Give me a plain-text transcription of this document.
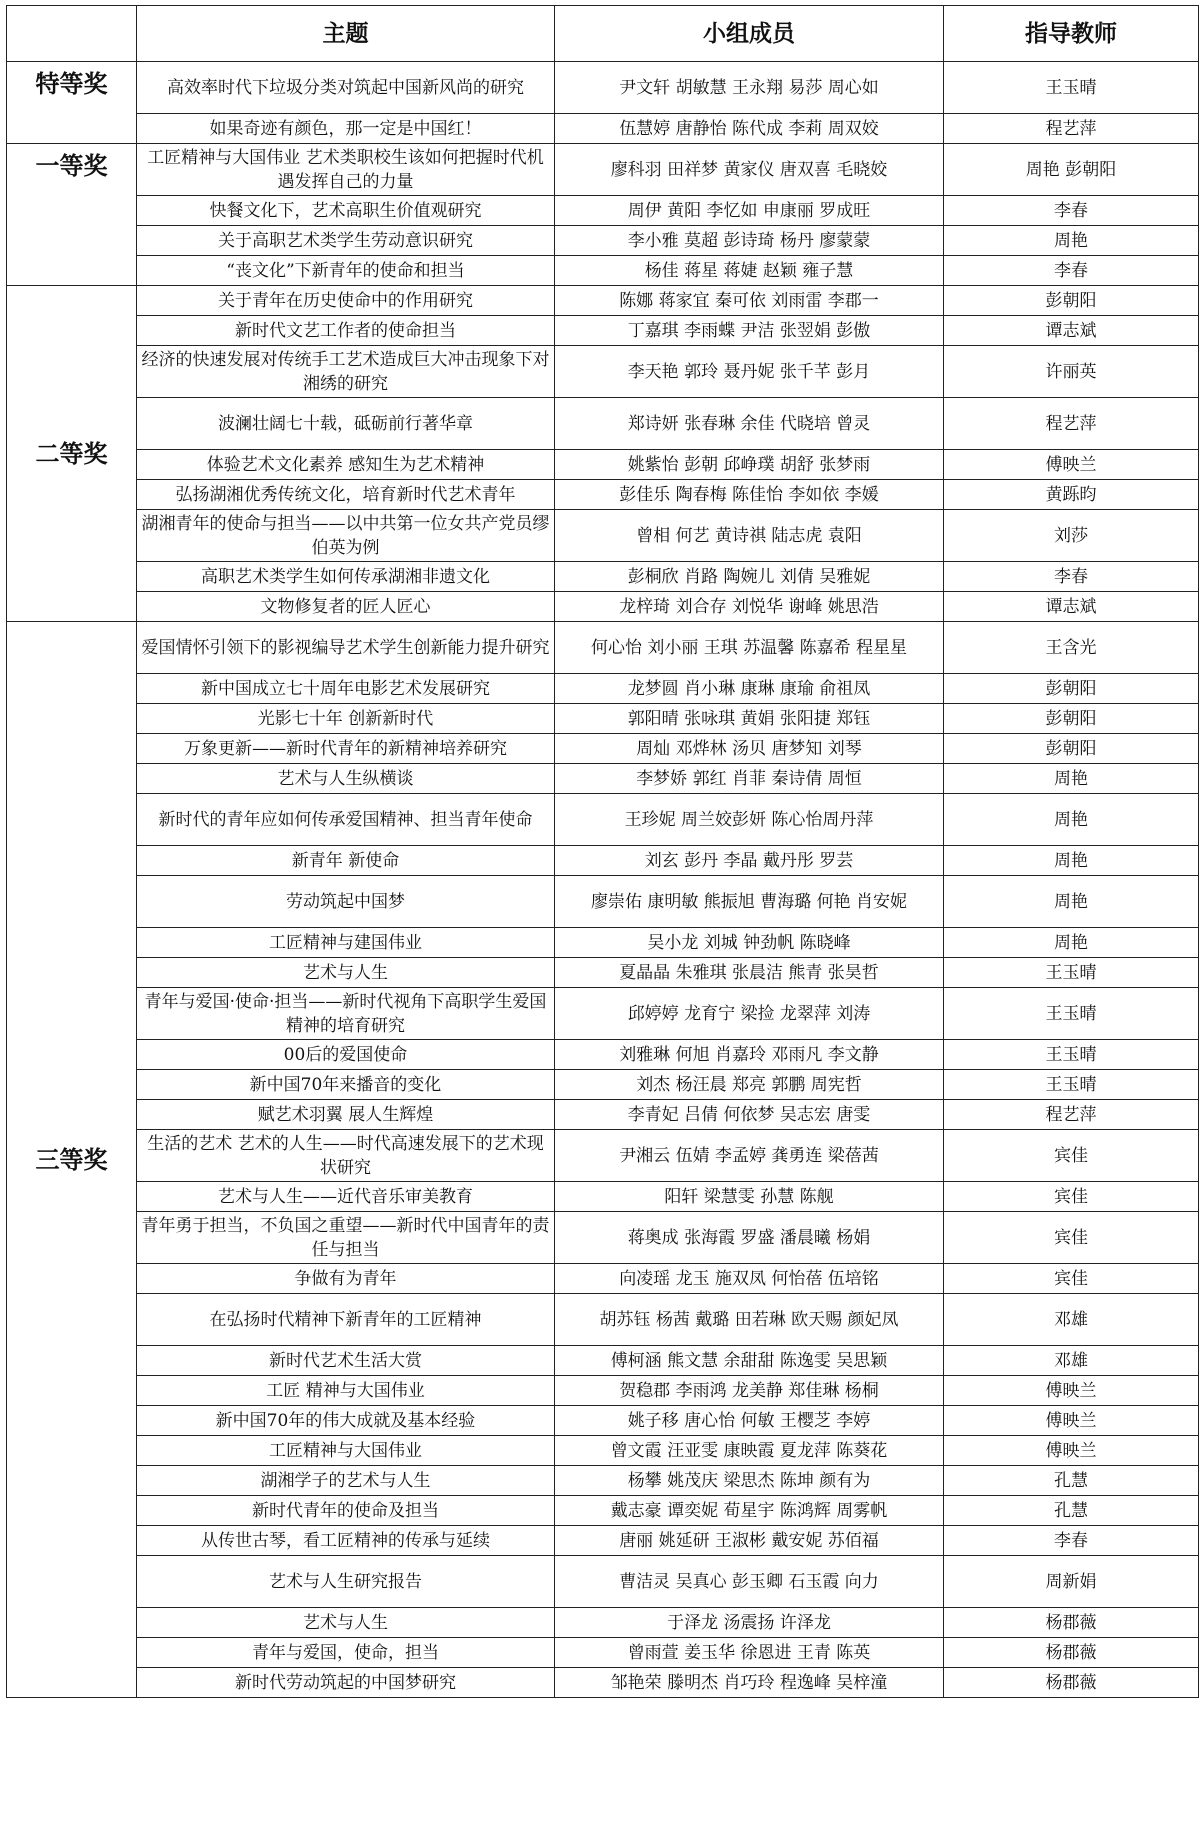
	主题	小组成员	指导教师
特等奖	高效率时代下垃圾分类对筑起中国新风尚的研究	尹文轩 胡敏慧 王永翔 易莎 周心如	王玉晴
	如果奇迹有颜色，那一定是中国红！	伍慧婷 唐静怡 陈代成 李莉 周双姣	程艺萍
一等奖	工匠精神与大国伟业 艺术类职校生该如何把握时代机遇发挥自己的力量	廖科羽 田祥梦 黄家仪 唐双喜 毛晓姣	周艳 彭朝阳
	快餐文化下，艺术高职生价值观研究	周伊 黄阳 李忆如 申康丽 罗成旺	李春
	关于高职艺术类学生劳动意识研究	李小雅 莫超 彭诗琦 杨丹 廖蒙蒙	周艳
	“丧文化”下新青年的使命和担当	杨佳 蒋星 蒋婕 赵颖 雍子慧	李春
二等奖	关于青年在历史使命中的作用研究	陈娜 蒋家宜 秦可依 刘雨雷 李郡一	彭朝阳
	新时代文艺工作者的使命担当	丁嘉琪 李雨蝶 尹洁 张翌娟 彭傲	谭志斌
	经济的快速发展对传统手工艺术造成巨大冲击现象下对湘绣的研究	李天艳 郭玲 聂丹妮 张千芊 彭月	许丽英
	波澜壮阔七十载，砥砺前行著华章	郑诗妍 张春琳 余佳 代晓培 曾灵	程艺萍
	体验艺术文化素养 感知生为艺术精神	姚紫怡 彭朝 邱峥璞 胡舒 张梦雨	傅映兰
	弘扬湖湘优秀传统文化，培育新时代艺术青年	彭佳乐 陶春梅 陈佳怡 李如依 李媛	黄跞昀
	湖湘青年的使命与担当——以中共第一位女共产党员缪伯英为例	曾相 何艺 黄诗祺 陆志虎 袁阳	刘莎
	高职艺术类学生如何传承湖湘非遗文化	彭桐欣 肖路 陶婉儿 刘倩 吴雅妮	李春
	文物修复者的匠人匠心	龙梓琦 刘合存 刘悦华 谢峰 姚思浩	谭志斌
三等奖	爱国情怀引领下的影视编导艺术学生创新能力提升研究	何心怡 刘小丽 王琪 苏温馨 陈嘉希 程星星	王含光
	新中国成立七十周年电影艺术发展研究	龙梦圆 肖小琳 康琳 康瑜 俞祖凤	彭朝阳
	光影七十年 创新新时代	郭阳晴 张咏琪 黄娟 张阳捷 郑钰	彭朝阳
	万象更新——新时代青年的新精神培养研究	周灿 邓烨林 汤贝 唐梦知 刘琴	彭朝阳
	艺术与人生纵横谈	李梦娇 郭红 肖菲 秦诗倩 周恒	周艳
	新时代的青年应如何传承爱国精神、担当青年使命	王珍妮 周兰姣彭妍 陈心怡周丹萍	周艳
	新青年 新使命	刘玄 彭丹 李晶 戴丹彤 罗芸	周艳
	劳动筑起中国梦	廖崇佑 康明敏 熊振旭 曹海璐 何艳 肖安妮	周艳
	工匠精神与建国伟业	吴小龙 刘城 钟劲帆 陈晓峰	周艳
	艺术与人生	夏晶晶 朱雅琪 张晨洁 熊青 张昊哲	王玉晴
	青年与爱国·使命·担当——新时代视角下高职学生爱国精神的培育研究	邱婷婷 龙育宁 梁捡 龙翠萍 刘涛	王玉晴
	00后的爱国使命	刘雅琳 何旭 肖嘉玲 邓雨凡 李文静	王玉晴
	新中国70年来播音的变化	刘杰 杨汪晨 郑亮 郭鹏 周宪哲	王玉晴
	赋艺术羽翼 展人生辉煌	李青妃 吕倩 何依梦 吴志宏 唐雯	程艺萍
	生活的艺术 艺术的人生——时代高速发展下的艺术现状研究	尹湘云 伍婧 李孟婷 龚勇连 梁蓓茜	宾佳
	艺术与人生——近代音乐审美教育	阳轩 梁慧雯 孙慧 陈舰	宾佳
	青年勇于担当，不负国之重望——新时代中国青年的责任与担当	蒋奥成 张海霞 罗盛 潘晨曦 杨娟	宾佳
	争做有为青年	向凌瑶 龙玉 施双凤 何怡蓓 伍培铭	宾佳
	在弘扬时代精神下新青年的工匠精神	胡苏钰 杨茜 戴璐 田若琳 欧天赐 颜妃凤	邓雄
	新时代艺术生活大赏	傅柯涵 熊文慧 余甜甜 陈逸雯 吴思颖	邓雄
	工匠 精神与大国伟业	贺稳郡 李雨鸿 龙美静 郑佳琳 杨桐	傅映兰
	新中国70年的伟大成就及基本经验	姚子移 唐心怡 何敏 王樱芝 李婷	傅映兰
	工匠精神与大国伟业	曾文霞 汪亚雯 康映霞 夏龙萍 陈葵花	傅映兰
	湖湘学子的艺术与人生	杨攀 姚茂庆 梁思杰 陈坤 颜有为	孔慧
	新时代青年的使命及担当	戴志豪 谭奕妮 荀星宇 陈鸿辉 周雾帆	孔慧
	从传世古琴，看工匠精神的传承与延续	唐丽 姚延研 王淑彬 戴安妮 苏佰福	李春
	艺术与人生研究报告	曹洁灵 吴真心 彭玉卿 石玉霞 向力	周新娟
	艺术与人生	于泽龙 汤震扬 许泽龙	杨郡薇
	青年与爱国，使命，担当	曾雨萱 姜玉华 徐恩进 王青 陈英	杨郡薇
	新时代劳动筑起的中国梦研究	邹艳荣 滕明杰 肖巧玲 程逸峰 吴梓潼	杨郡薇
